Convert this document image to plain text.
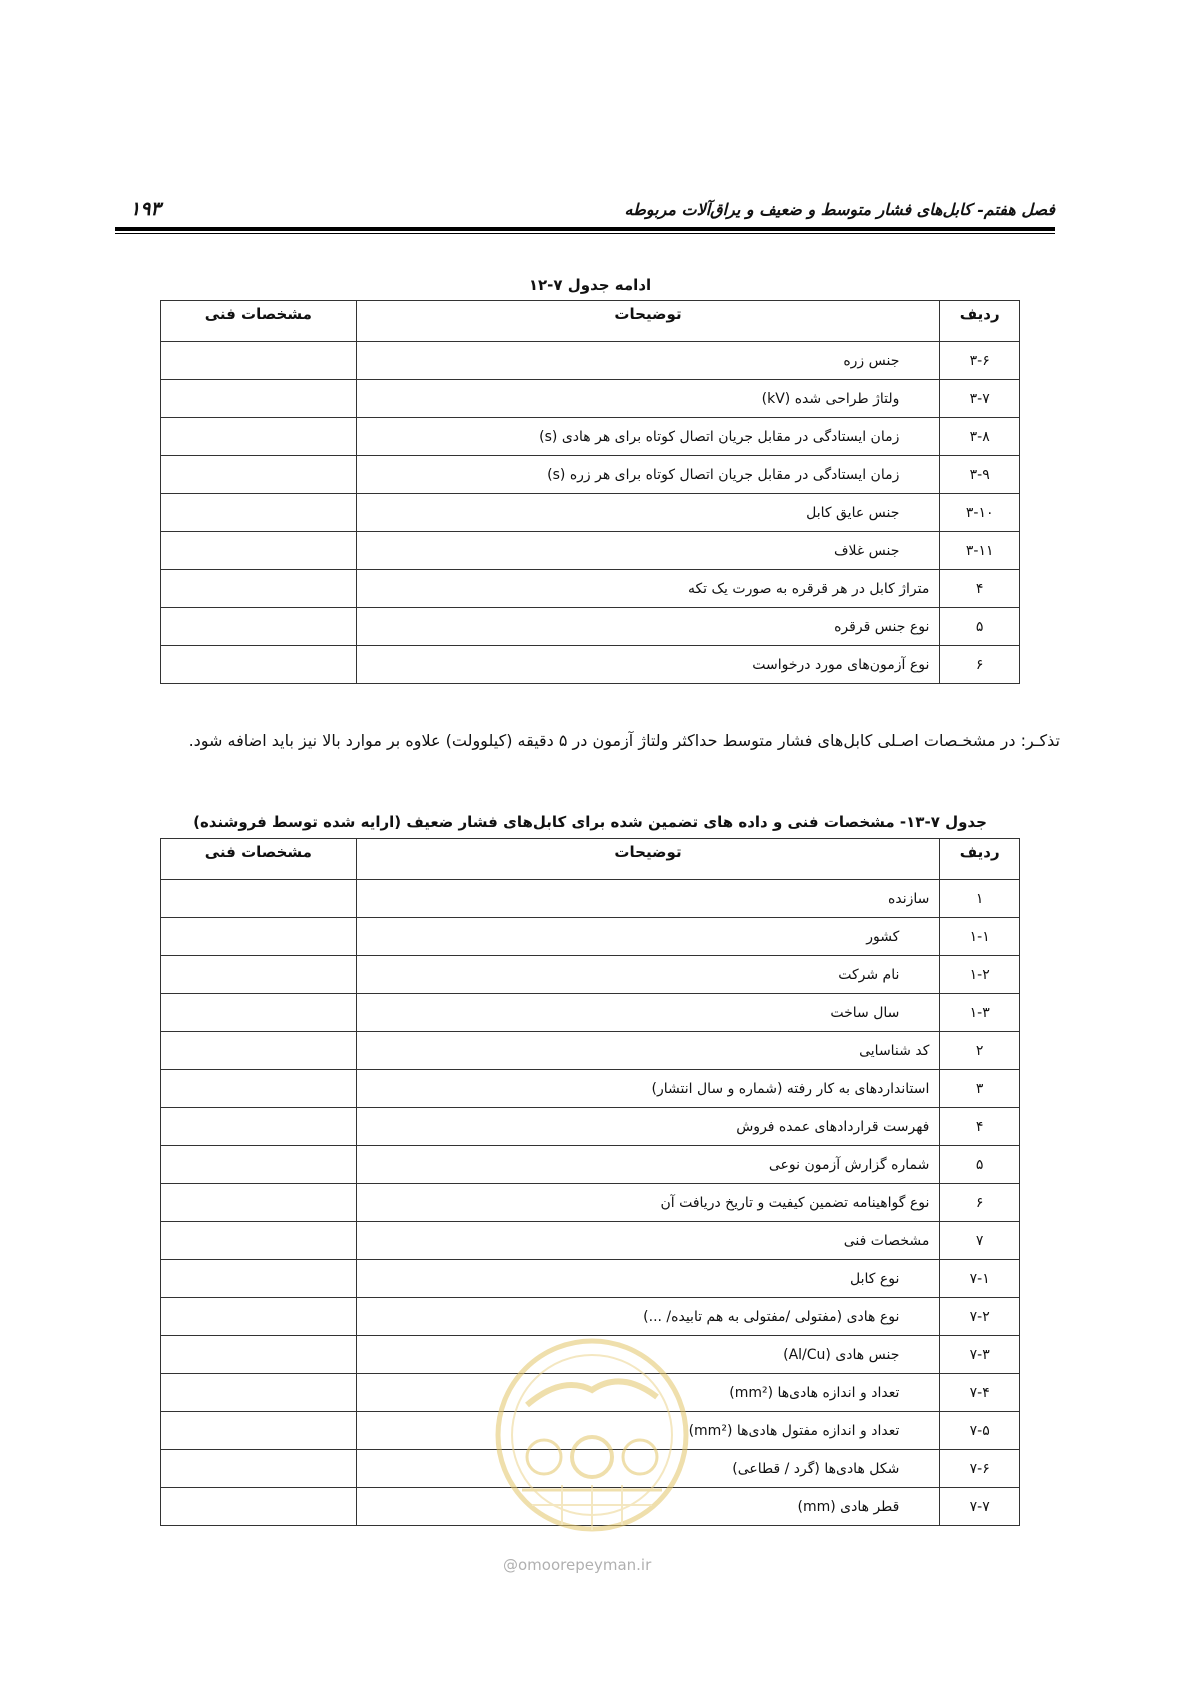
فصل هفتم- کابل‌های فشار متوسط و ضعیف و یراق‌آلات مربوطه
۱۹۳
ادامه جدول ۷-۱۲
ردیف	توضیحات	مشخصات فنی
۳-۶	جنس زره	
۳-۷	ولتاژ طراحی شده (kV)	
۳-۸	زمان ایستادگی در مقابل جریان اتصال کوتاه برای هر هادی (s)	
۳-۹	زمان ایستادگی در مقابل جریان اتصال کوتاه برای هر زره (s)	
۳-۱۰	جنس عایق کابل	
۳-۱۱	جنس غلاف	
۴	متراژ کابل در هر قرقره به صورت یک تکه	
۵	نوع جنس قرقره	
۶	نوع آزمون‌های مورد درخواست	
تذکـر: در مشخـصات اصـلی کابل‌های فشار متوسط حداکثر ولتاژ آزمون در ۵ دقیقه (کیلوولت) علاوه بر موارد بالا نیز باید اضافه شود.
جدول ۷-۱۳- مشخصات فنی و داده های تضمین شده برای کابل‌های فشار ضعیف (ارایه شده توسط فروشنده)
ردیف	توضیحات	مشخصات فنی
۱	سازنده	
۱-۱	کشور	
۱-۲	نام شرکت	
۱-۳	سال ساخت	
۲	کد شناسایی	
۳	استانداردهای به کار رفته (شماره و سال انتشار)	
۴	فهرست قراردادهای عمده فروش	
۵	شماره گزارش آزمون نوعی	
۶	نوع گواهینامه تضمین کیفیت و تاریخ دریافت آن	
۷	مشخصات فنی	
۷-۱	نوع کابل	
۷-۲	نوع هادی (مفتولی /مفتولی به هم تابیده/ ...)	
۷-۳	جنس هادی (Al/Cu)	
۷-۴	تعداد و اندازه هادی‌ها (mm²)	
۷-۵	تعداد و اندازه مفتول هادی‌ها (mm²)	
۷-۶	شکل هادی‌ها (گرد / قطاعی)	
۷-۷	قطر هادی (mm)	
@omoorepeyman.ir
